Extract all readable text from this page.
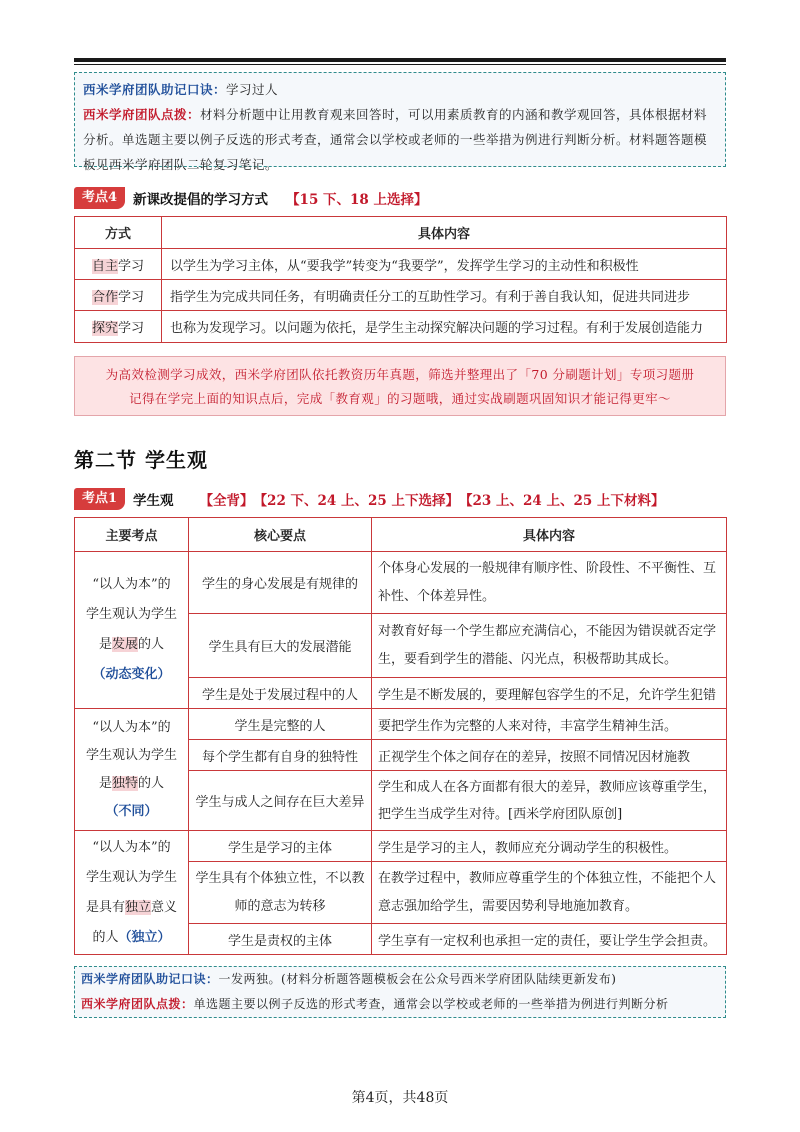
西米学府团队助记口诀：学习过人

西米学府团队点拨：材料分析题中让用教育观来回答时，可以用素质教育的内涵和教学观回答，具体根据材料分析。单选题主要以例子反选的形式考查，通常会以学校或老师的一些举措为例进行判断分析。材料题答题模板见西米学府团队二轮复习笔记。

考点4	新课改提倡的学习方式 【15 下、18 上选择】
方式	具体内容
自主学习	以学生为学习主体，从“要我学”转变为“我要学”，发挥学生学习的主动性和积极性
合作学习	指学生为完成共同任务，有明确责任分工的互助性学习。有利于善自我认知，促进共同进步
探究学习	也称为发现学习。以问题为依托，是学生主动探究解决问题的学习过程。有利于发展创造能力
为高效检测学习成效，西米学府团队依托教资历年真题，筛选并整理出了「70 分刷题计划」专项习题册
记得在学完上面的知识点后，完成「教育观」的习题哦，通过实战刷题巩固知识才能记得更牢～
第二节 学生观
考点1	学生观 【全背】 【22 下、24 上、25 上下选择】 【23 上、24 上、25 上下材料】
主要考点	核心要点	具体内容

“以人为本”的
学生观认为学生
是发展的人
（动态变化）	学生的身心发展是有规律的	个体身心发展的一般规律有顺序性、阶段性、不平衡性、互补性、个体差异性。
	学生具有巨大的发展潜能	对教育好每一个学生都应充满信心，不能因为错误就否定学生，要看到学生的潜能、闪光点，积极帮助其成长。
	学生是处于发展过程中的人	学生是不断发展的，要理解包容学生的不足，允许学生犯错

“以人为本”的
学生观认为学生
是独特的人
（不同）	学生是完整的人	要把学生作为完整的人来对待，丰富学生精神生活。
	每个学生都有自身的独特性	正视学生个体之间存在的差异，按照不同情况因材施教
	学生与成人之间存在巨大差异	学生和成人在各方面都有很大的差异，教师应该尊重学生，把学生当成学生对待。[西米学府团队原创]

“以人为本”的
学生观认为学生
是具有独立意义
的人（独立）	学生是学习的主体	学生是学习的主人，教师应充分调动学生的积极性。
	学生具有个体独立性，不以教师的意志为转移	在教学过程中，教师应尊重学生的个体独立性，不能把个人意志强加给学生，需要因势利导地施加教育。
	学生是责权的主体	学生享有一定权利也承担一定的责任，要让学生学会担责。

西米学府团队助记口诀：一发两独。(材料分析题答题模板会在公众号西米学府团队陆续更新发布)

西米学府团队点拨：单选题主要以例子反选的形式考查，通常会以学校或老师的一些举措为例进行判断分析

第4页，共48页
